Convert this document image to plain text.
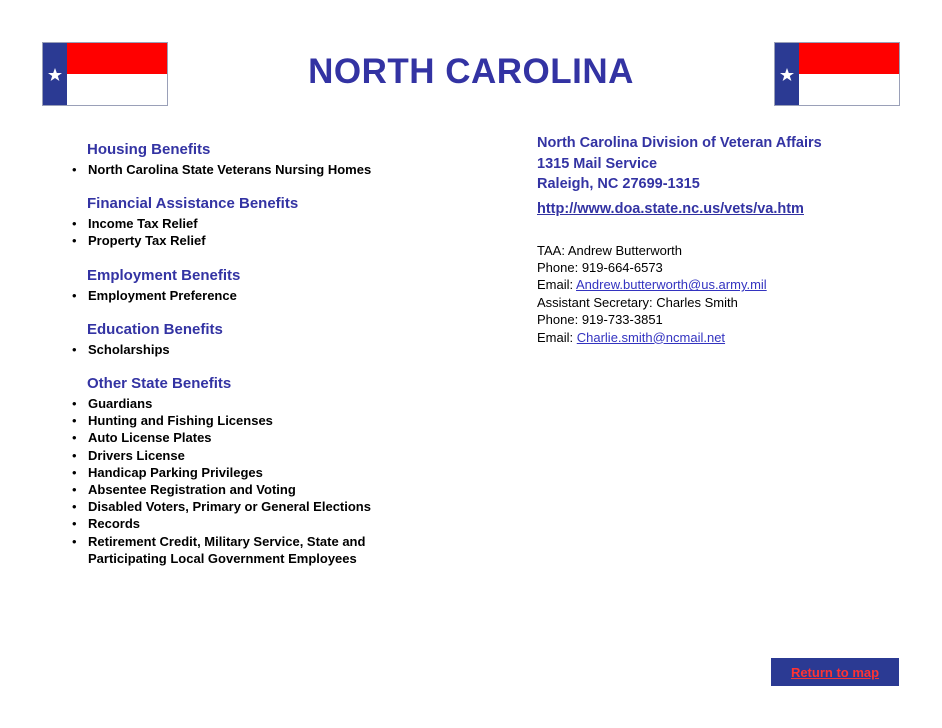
NORTH CAROLINA
Housing Benefits
• North Carolina State Veterans Nursing Homes
Financial Assistance Benefits
• Income Tax Relief
• Property Tax Relief
Employment Benefits
• Employment Preference
Education Benefits
• Scholarships
Other State Benefits
• Guardians
• Hunting and Fishing Licenses
• Auto License Plates
• Drivers License
• Handicap Parking Privileges
• Absentee Registration and Voting
• Disabled Voters, Primary or General Elections
• Records
• Retirement Credit, Military Service, State and
Participating Local Government Employees
North Carolina Division of Veteran Affairs
1315 Mail Service
Raleigh, NC 27699-1315
http://www.doa.state.nc.us/vets/va.htm
TAA: Andrew Butterworth
Phone: 919-664-6573
Email: Andrew.butterworth@us.army.mil
Assistant Secretary: Charles Smith
Phone: 919-733-3851
Email: Charlie.smith@ncmail.net
Return to map
